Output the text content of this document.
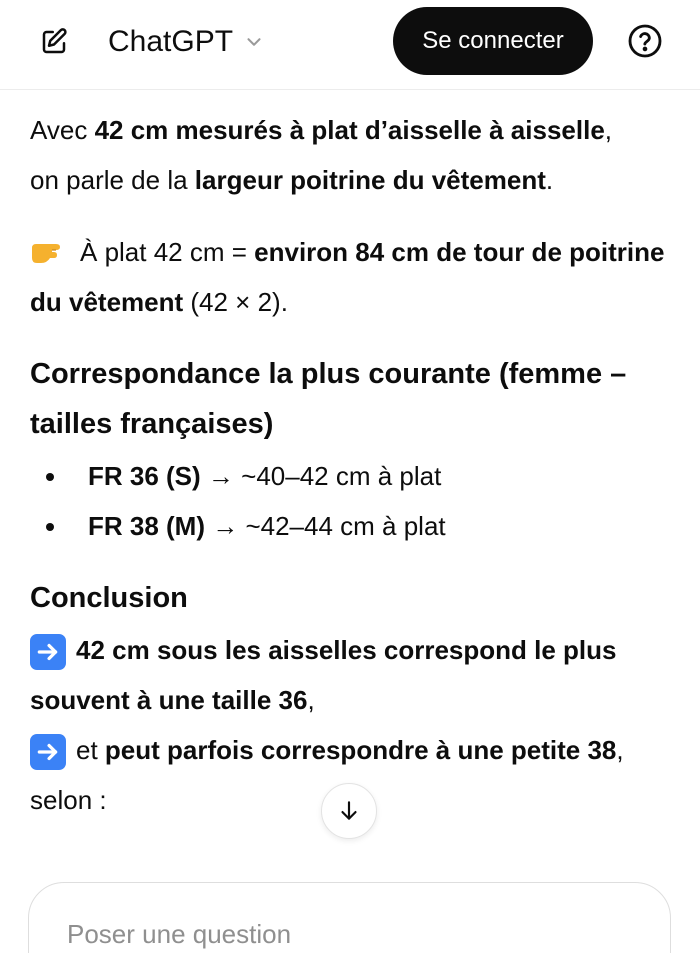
ChatGPT	Se connecter

Avec 42 cm mesurés à plat d’aisselle à aisselle,
on parle de la largeur poitrine du vêtement.

À plat 42 cm = environ 84 cm de tour de poitrine du vêtement (42 × 2).

Correspondance la plus courante (femme – tailles françaises)
FR 36 (S) → ~40–42 cm à plat
FR 38 (M) → ~42–44 cm à plat
Conclusion

42 cm sous les aisselles correspond le plus souvent à une taille 36,

et peut parfois correspondre à une petite 38, selon :

Poser une question
